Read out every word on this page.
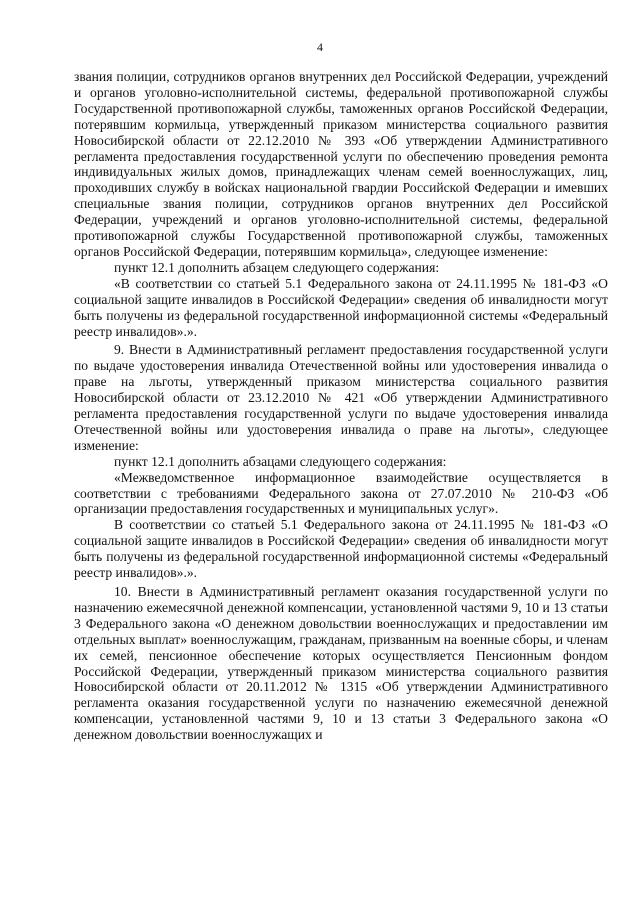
4

звания полиции, сотрудников органов внутренних дел Российской Федерации, учреждений и органов уголовно-исполнительной системы, федеральной противопожарной службы Государственной противопожарной службы, таможенных органов Российской Федерации, потерявшим кормильца, утвержденный приказом министерства социального развития Новосибирской области от 22.12.2010 № 393 «Об утверждении Административного регламента предоставления государственной услуги по обеспечению проведения ремонта индивидуальных жилых домов, принадлежащих членам семей военнослужащих, лиц, проходивших службу в войсках национальной гвардии Российской Федерации и имевших специальные звания полиции, сотрудников органов внутренних дел Российской Федерации, учреждений и органов уголовно-исполнительной системы, федеральной противопожарной службы Государственной противопожарной службы, таможенных органов Российской Федерации, потерявшим кормильца», следующее изменение:

пункт 12.1 дополнить абзацем следующего содержания:

«В соответствии со статьей 5.1 Федерального закона от 24.11.1995 № 181-ФЗ «О социальной защите инвалидов в Российской Федерации» сведения об инвалидности могут быть получены из федеральной государственной информационной системы «Федеральный реестр инвалидов».».

9. Внести в Административный регламент предоставления государственной услуги по выдаче удостоверения инвалида Отечественной войны или удостоверения инвалида о праве на льготы, утвержденный приказом министерства социального развития Новосибирской области от 23.12.2010 № 421 «Об утверждении Административного регламента предоставления государственной услуги по выдаче удостоверения инвалида Отечественной войны или удостоверения инвалида о праве на льготы», следующее изменение:

пункт 12.1 дополнить абзацами следующего содержания:

«Межведомственное информационное взаимодействие осуществляется в соответствии с требованиями Федерального закона от 27.07.2010 № 210-ФЗ «Об организации предоставления государственных и муниципальных услуг».

В соответствии со статьей 5.1 Федерального закона от 24.11.1995 № 181-ФЗ «О социальной защите инвалидов в Российской Федерации» сведения об инвалидности могут быть получены из федеральной государственной информационной системы «Федеральный реестр инвалидов».».

10. Внести в Административный регламент оказания государственной услуги по назначению ежемесячной денежной компенсации, установленной частями 9, 10 и 13 статьи 3 Федерального закона «О денежном довольствии военнослужащих и предоставлении им отдельных выплат» военнослужащим, гражданам, призванным на военные сборы, и членам их семей, пенсионное обеспечение которых осуществляется Пенсионным фондом Российской Федерации, утвержденный приказом министерства социального развития Новосибирской области от 20.11.2012 № 1315 «Об утверждении Административного регламента оказания государственной услуги по назначению ежемесячной денежной компенсации, установленной частями 9, 10 и 13 статьи 3 Федерального закона «О денежном довольствии военнослужащих и
